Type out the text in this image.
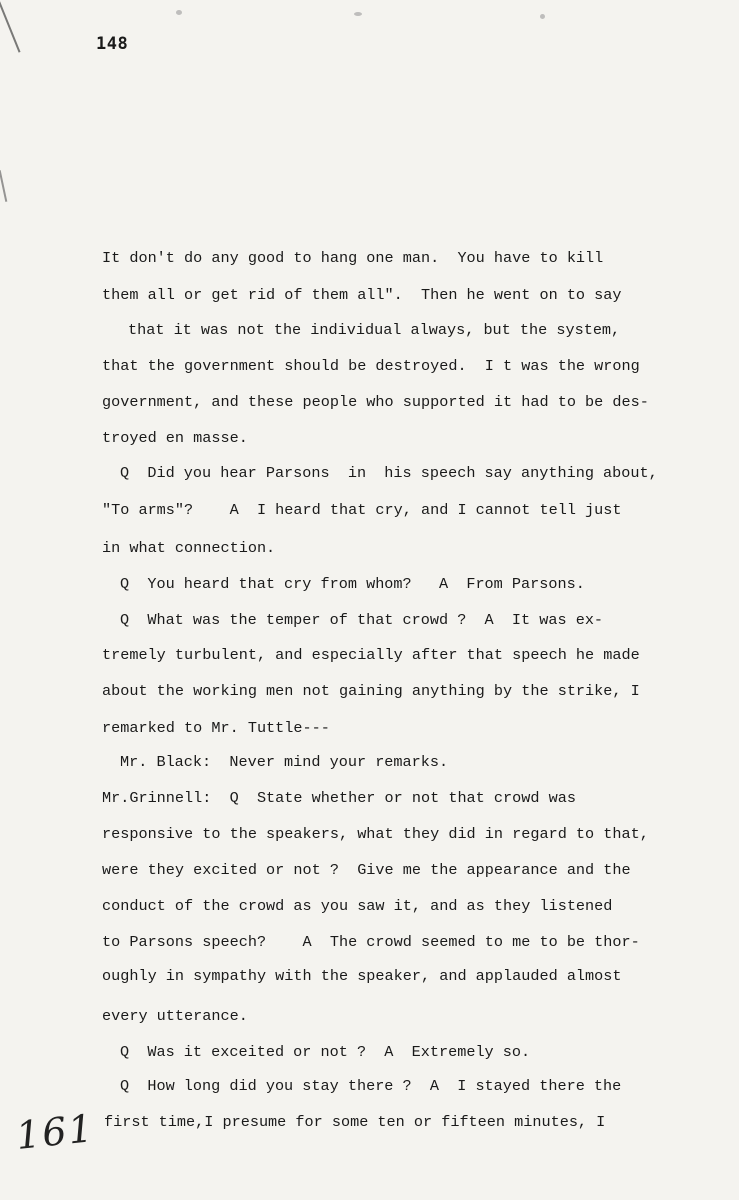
148
It don't do any good to hang one man.  You have to kill
them all or get rid of them all".  Then he went on to say
that it was not the individual always, but the system,
that the government should be destroyed.  I t was the wrong
government, and these people who supported it had to be des-
troyed en masse.
Q  Did you hear Parsons  in  his speech say anything about,
"To arms"?    A  I heard that cry, and I cannot tell just
in what connection.
Q  You heard that cry from whom?   A  From Parsons.
Q  What was the temper of that crowd ?  A  It was ex-
tremely turbulent, and especially after that speech he made
about the working men not gaining anything by the strike, I
remarked to Mr. Tuttle---
Mr. Black:  Never mind your remarks.
Mr.Grinnell:  Q  State whether or not that crowd was
responsive to the speakers, what they did in regard to that,
were they excited or not ?  Give me the appearance and the
conduct of the crowd as you saw it, and as they listened
to Parsons speech?    A  The crowd seemed to me to be thor-
oughly in sympathy with the speaker, and applauded almost
every utterance.
Q  Was it exceited or not ?  A  Extremely so.
Q  How long did you stay there ?  A  I stayed there the
first time,I presume for some ten or fifteen minutes, I
161
